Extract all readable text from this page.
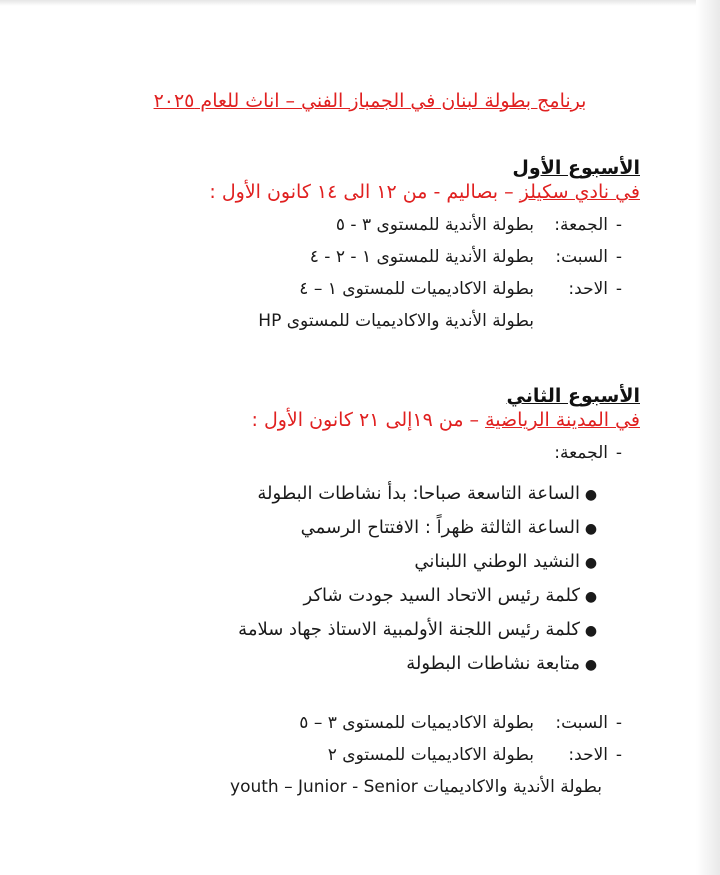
برنامج بطولة لبنان في الجمباز الفني – اناث للعام ٢٠٢٥
الأسبوع الأول
في نادي سكيلز – بصاليم - من ١٢ الى ١٤ كانون الأول :
-
الجمعة:
بطولة الأندية للمستوى ٣ - ٥
-
السبت:
بطولة الأندية للمستوى ١ - ٢ - ٤
-
الاحد:
بطولة الاكاديميات للمستوى ١ – ٤
بطولة الأندية والاكاديميات للمستوى HP
الأسبوع الثاني
في المدينة الرياضية – من ١٩إلى ٢١ كانون الأول :
-
الجمعة:
●
الساعة التاسعة صباحا: بدأ نشاطات البطولة
●
الساعة الثالثة ظهراً : الافتتاح الرسمي
●
النشيد الوطني اللبناني
●
كلمة رئيس الاتحاد السيد جودت شاكر
●
كلمة رئيس اللجنة الأولمبية الاستاذ جهاد سلامة
●
متابعة نشاطات البطولة
-
السبت:
بطولة الاكاديميات للمستوى ٣ – ٥
-
الاحد:
بطولة الاكاديميات للمستوى ٢
بطولة الأندية والاكاديميات youth – Junior - Senior
